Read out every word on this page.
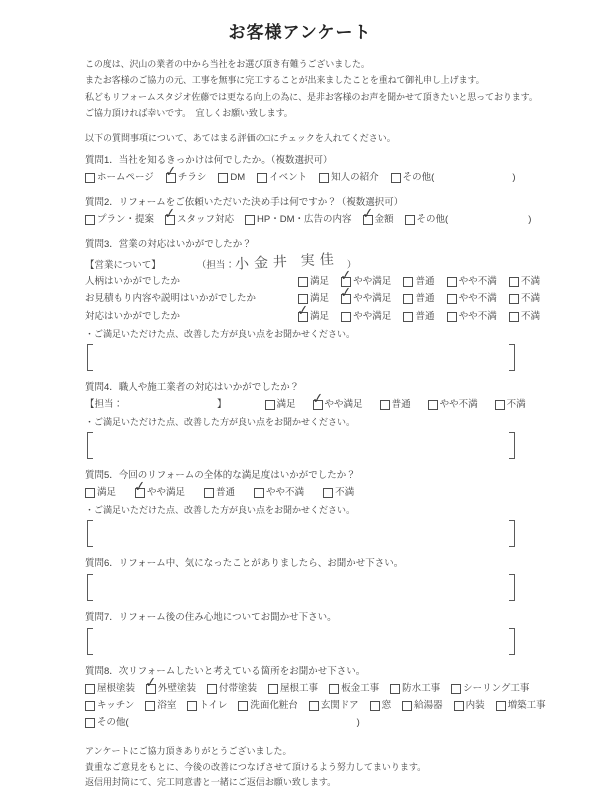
お客様アンケート
この度は、沢山の業者の中から当社をお選び頂き有難うございました。
またお客様のご協力の元、工事を無事に完工することが出来ましたことを重ねて御礼申し上げます。
私どもリフォームスタジオ佐藤では更なる向上の為に、是非お客様のお声を聞かせて頂きたいと思っております。
ご協力頂ければ幸いです。　宜しくお願い致します。
以下の質問事項について、あてはまる評価の□にチェックを入れてください。
質問1．当社を知るきっかけは何でしたか。（複数選択可）
ホームページ ✓ チラシ	DM	イベント	知人の紹介	その他(	)
質問2．リフォームをご依頼いただいた決め手は何ですか？（複数選択可）
プラン・提案 ✓ スタッフ対応 HP・DM・広告の内容 ✓ 金額 その他(	)
質問3．営業の対応はいかがでしたか？
【営業について】	（担当： 小金井 実佳 ）
人柄はいかがでしたか	満足 ✓ やや満足	普通	やや不満	不満
お見積もり内容や説明はいかがでしたか	満足 ✓ やや満足	普通	やや不満	不満
対応はいかがでしたか	✓ 満足	やや満足	普通	やや不満	不満
・ご満足いただけた点、改善した方が良い点をお聞かせください。
質問4．職人や施工業者の対応はいかがでしたか？
【担当：	】	満足 ✓ やや満足	普通	やや不満	不満
・ご満足いただけた点、改善した方が良い点をお聞かせください。
質問5．今回のリフォームの全体的な満足度はいかがでしたか？
満足 ✓ やや満足	普通	やや不満	不満
・ご満足いただけた点、改善した方が良い点をお聞かせください。
質問6．リフォーム中、気になったことがありましたら、お聞かせ下さい。
質問7．リフォーム後の住み心地についてお聞かせ下さい。
質問8．次リフォームしたいと考えている箇所をお聞かせ下さい。
屋根塗装 ✓ 外壁塗装 付帯塗装 屋根工事 板金工事 防水工事 シーリング工事
キッチン 浴室 トイレ 洗面化粧台 玄関ドア 窓 給湯器 内装 増築工事
その他(	)
アンケートにご協力頂きありがとうございました。
貴重なご意見をもとに、今後の改善につなげさせて頂けるよう努力してまいります。
返信用封筒にて、完工同意書と一緒にご返信お願い致します。
